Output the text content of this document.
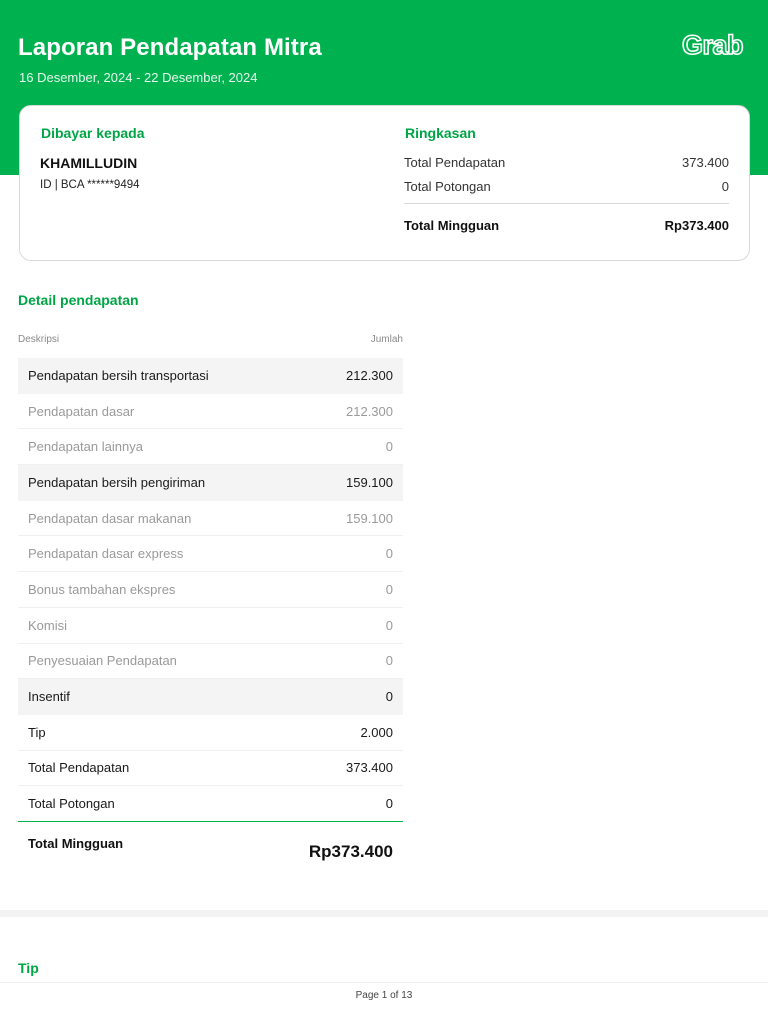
Laporan Pendapatan Mitra
16 Desember, 2024 - 22 Desember, 2024
Grab
Dibayar kepada
KHAMILLUDIN
ID | BCA ******9494
Ringkasan
Total Pendapatan	373.400
Total Potongan	0
Total Mingguan	Rp373.400
Detail pendapatan
Deskripsi	Jumlah
Pendapatan bersih transportasi	212.300
Pendapatan dasar	212.300
Pendapatan lainnya	0
Pendapatan bersih pengiriman	159.100
Pendapatan dasar makanan	159.100
Pendapatan dasar express	0
Bonus tambahan ekspres	0
Komisi	0
Penyesuaian Pendapatan	0
Insentif	0
Tip	2.000
Total Pendapatan	373.400
Total Potongan	0
Total Mingguan	Rp373.400
Tip
Page 1 of 13
